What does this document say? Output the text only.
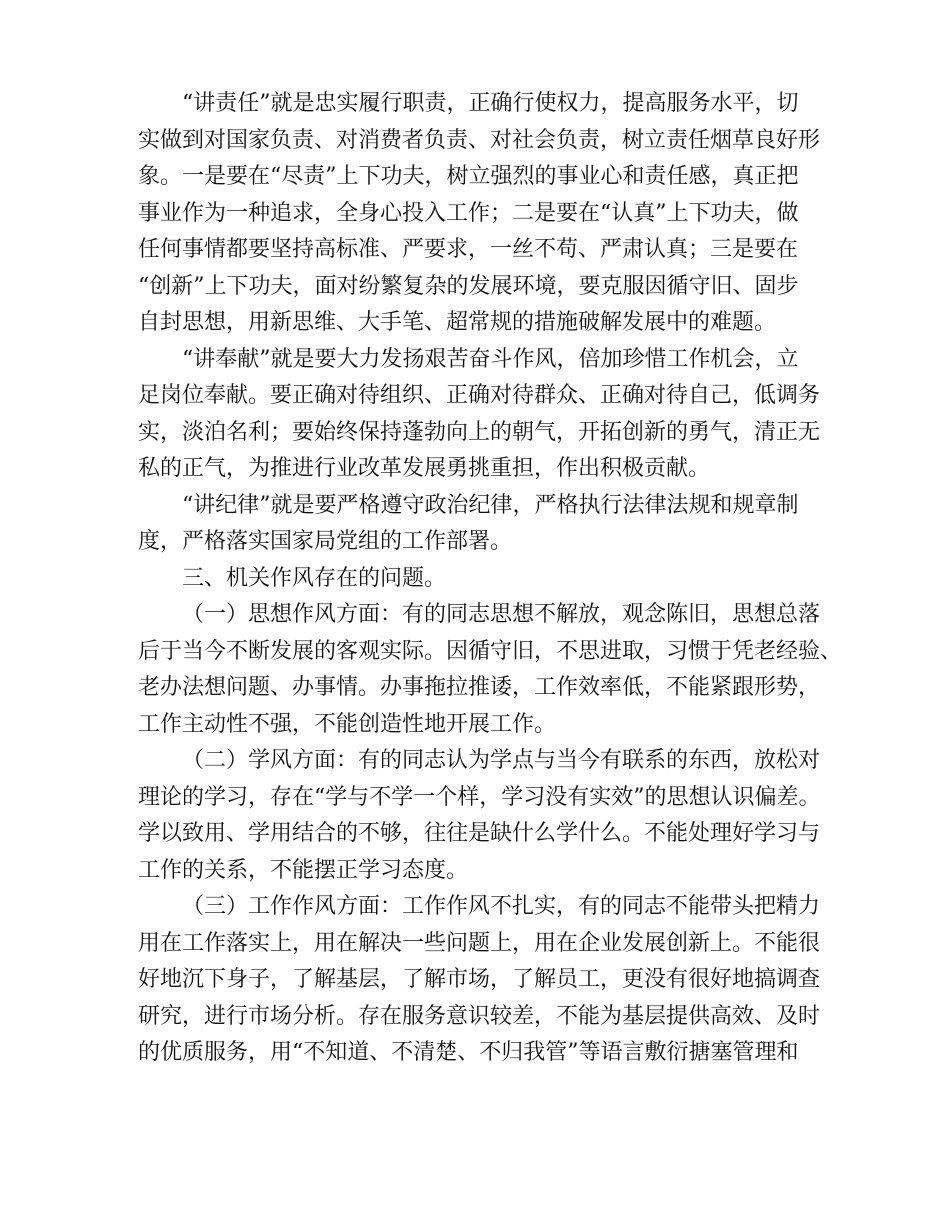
“讲责任”就是忠实履行职责，正确行使权力，提高服务水平，切
实做到对国家负责、对消费者负责、对社会负责，树立责任烟草良好形
象。一是要在“尽责”上下功夫，树立强烈的事业心和责任感，真正把
事业作为一种追求，全身心投入工作；二是要在“认真”上下功夫，做
任何事情都要坚持高标准、严要求，一丝不苟、严肃认真；三是要在
“创新”上下功夫，面对纷繁复杂的发展环境，要克服因循守旧、固步
自封思想，用新思维、大手笔、超常规的措施破解发展中的难题。
“讲奉献”就是要大力发扬艰苦奋斗作风，倍加珍惜工作机会，立
足岗位奉献。要正确对待组织、正确对待群众、正确对待自己，低调务
实，淡泊名利；要始终保持蓬勃向上的朝气，开拓创新的勇气，清正无
私的正气，为推进行业改革发展勇挑重担，作出积极贡献。
“讲纪律”就是要严格遵守政治纪律，严格执行法律法规和规章制
度，严格落实国家局党组的工作部署。
三、机关作风存在的问题。
（一）思想作风方面：有的同志思想不解放，观念陈旧，思想总落
后于当今不断发展的客观实际。因循守旧，不思进取，习惯于凭老经验、
老办法想问题、办事情。办事拖拉推诿，工作效率低，不能紧跟形势，
工作主动性不强，不能创造性地开展工作。
（二）学风方面：有的同志认为学点与当今有联系的东西，放松对
理论的学习，存在“学与不学一个样，学习没有实效”的思想认识偏差。
学以致用、学用结合的不够，往往是缺什么学什么。不能处理好学习与
工作的关系，不能摆正学习态度。
（三）工作作风方面：工作作风不扎实，有的同志不能带头把精力
用在工作落实上，用在解决一些问题上，用在企业发展创新上。不能很
好地沉下身子，了解基层，了解市场，了解员工，更没有很好地搞调查
研究，进行市场分析。存在服务意识较差，不能为基层提供高效、及时
的优质服务，用“不知道、不清楚、不归我管”等语言敷衍搪塞管理和
